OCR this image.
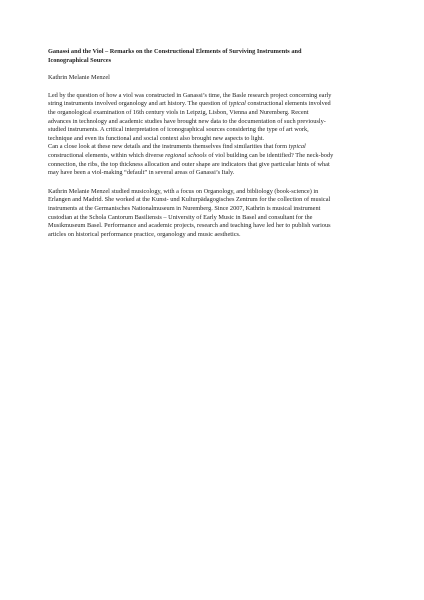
Ganassi and the Viol – Remarks on the Constructional Elements of Surviving Instruments and
Iconographical Sources

Kathrin Melanie Menzel

Led by the question of how a viol was constructed in Ganassi’s time, the Basle research project concerning early
string instruments involved organology and art history. The question of typical constructional elements involved
the organological examination of 16th century viols in Leipzig, Lisbon, Vienna and Nuremberg. Recent
advances in technology and academic studies have brought new data to the documentation of such previously-
studied instruments. A critical interpretation of iconographical sources considering the type of art work,
technique and even its functional and social context also brought new aspects to light.
Can a close look at these new details and the instruments themselves find similarities that form typical
constructional elements, within which diverse regional schools of viol building can be identified? The neck-body
connection, the ribs, the top thickness allocation and outer shape are indicators that give particular hints of what
may have been a viol-making “default” in several areas of Ganassi’s Italy.
Kathrin Melanie Menzel studied musicology, with a focus on Organology, and bibliology (book-science) in
Erlangen and Madrid. She worked at the Kunst- und Kulturpädagogisches Zentrum for the collection of musical
instruments at the Germanisches Nationalmuseum in Nuremberg. Since 2007, Kathrin is musical instrument
custodian at the Schola Cantorum Basiliensis – University of Early Music in Basel and consultant for the
Musikmuseum Basel. Performance and academic projects, research and teaching have led her to publish various
articles on historical performance practice, organology and music aesthetics.
